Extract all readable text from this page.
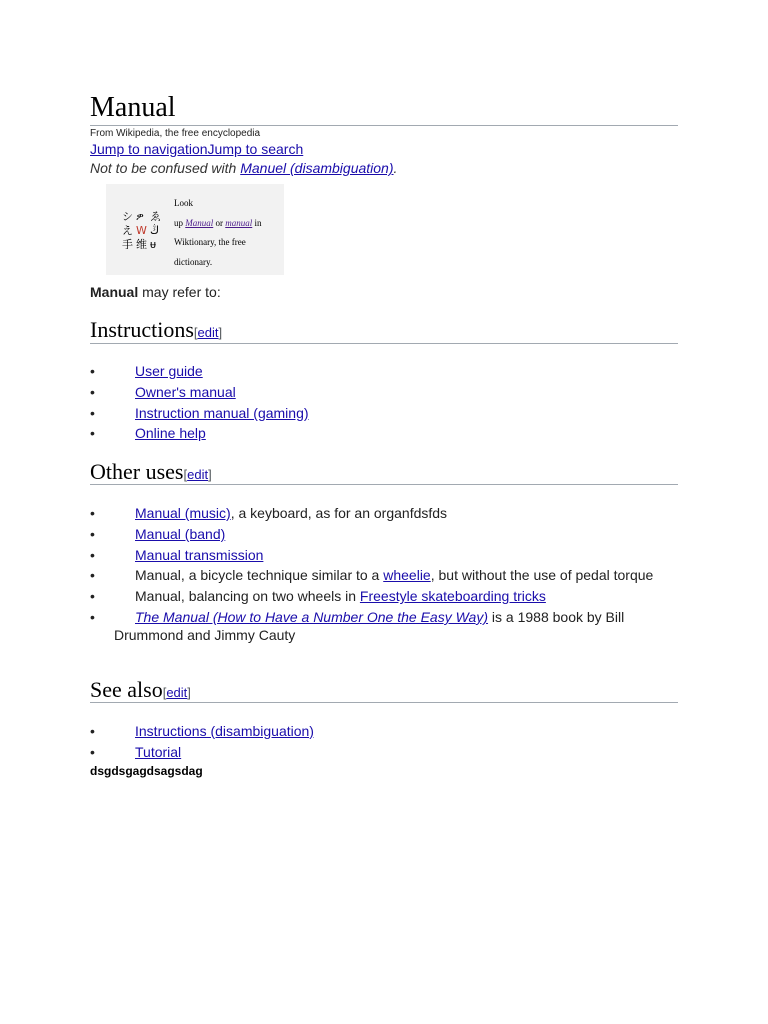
Manual
From Wikipedia, the free encyclopedia
Jump to navigationJump to search
Not to be confused with Manuel (disambiguation).
シ ዎ ゑ
え W ڭ
手 维 ᵾ
Look
up Manual or manual in
Wiktionary, the free
dictionary.
Manual may refer to:
Instructions[edit]
•	User guide
•	Owner's manual
•	Instruction manual (gaming)
•	Online help
Other uses[edit]
•	Manual (music), a keyboard, as for an organfdsfds
•	Manual (band)
•	Manual transmission
•	Manual, a bicycle technique similar to a wheelie, but without the use of pedal torque
•	Manual, balancing on two wheels in Freestyle skateboarding tricks
•	The Manual (How to Have a Number One the Easy Way) is a 1988 book by Bill Drummond and Jimmy Cauty
See also[edit]
•	Instructions (disambiguation)
•	Tutorial
dsgdsgagdsagsdag
